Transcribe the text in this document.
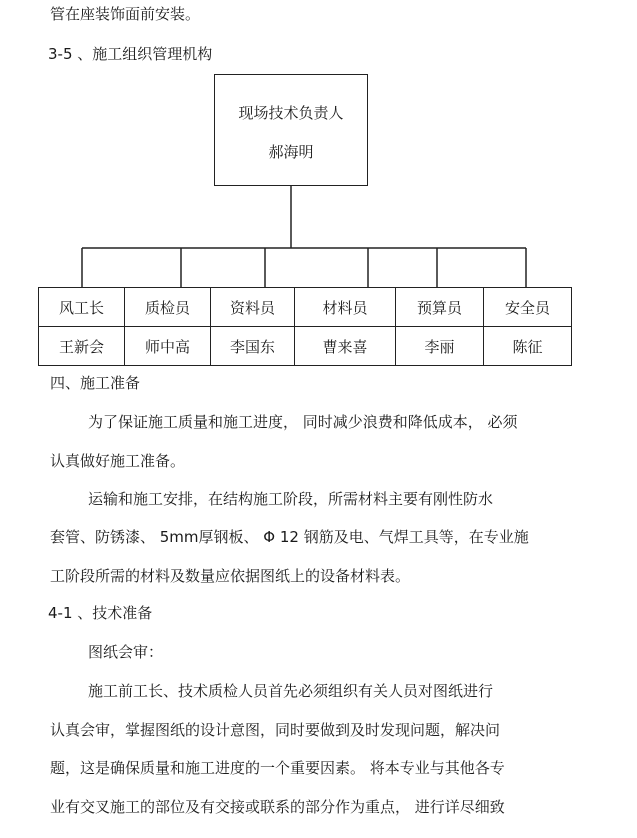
管在座装饰面前安装。
3-5 、施工组织管理机构
现场技术负责人
郝海明
风工长	质检员	资料员	材料员	预算员	安全员
王新会	师中高	李国东	曹来喜	李丽	陈征
四、施工准备
为了保证施工质量和施工进度， 同时减少浪费和降低成本， 必须
认真做好施工准备。
运输和施工安排，在结构施工阶段，所需材料主要有刚性防水
套管、防锈漆、 5mm厚钢板、 Φ 12 钢筋及电、气焊工具等，在专业施
工阶段所需的材料及数量应依据图纸上的设备材料表。
4-1 、技术准备
图纸会审：
施工前工长、技术质检人员首先必须组织有关人员对图纸进行
认真会审，掌握图纸的设计意图，同时要做到及时发现问题，解决问
题，这是确保质量和施工进度的一个重要因素。 将本专业与其他各专
业有交叉施工的部位及有交接或联系的部分作为重点， 进行详尽细致
